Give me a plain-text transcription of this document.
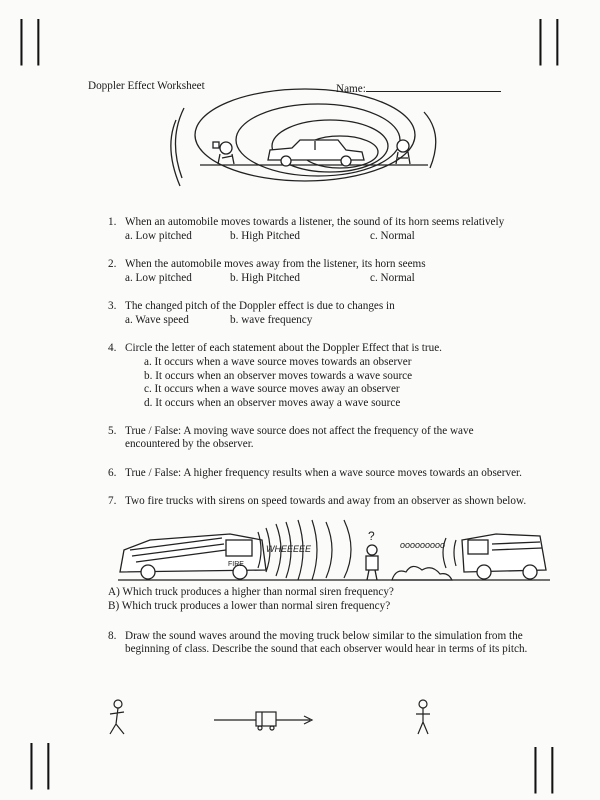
||	||
||	||
Doppler Effect Worksheet	Name:
1. When an automobile moves towards a listener, the sound of its horn seems relatively
a. Low pitched	b. High Pitched	c. Normal
2. When the automobile moves away from the listener, its horn seems
a. Low pitched	b. High Pitched	c. Normal
3. The changed pitch of the Doppler effect is due to changes in
a. Wave speed	b. wave frequency
4. Circle the letter of each statement about the Doppler Effect that is true.
a. It occurs when a wave source moves towards an observer
b. It occurs when an observer moves towards a wave source
c. It occurs when a wave source moves away an observer
d. It occurs when an observer moves away a wave source
5. True / False: A moving wave source does not affect the frequency of the wave
encountered by the observer.
6. True / False: A higher frequency results when a wave source moves towards an observer.
7. Two fire trucks with sirens on speed towards and away from an observer as shown below.
FIRE
WHEEEEE
?
ooooooooo
A) Which truck produces a higher than normal siren frequency?
B) Which truck produces a lower than normal siren frequency?
8. Draw the sound waves around the moving truck below similar to the simulation from the
beginning of class. Describe the sound that each observer would hear in terms of its pitch.
